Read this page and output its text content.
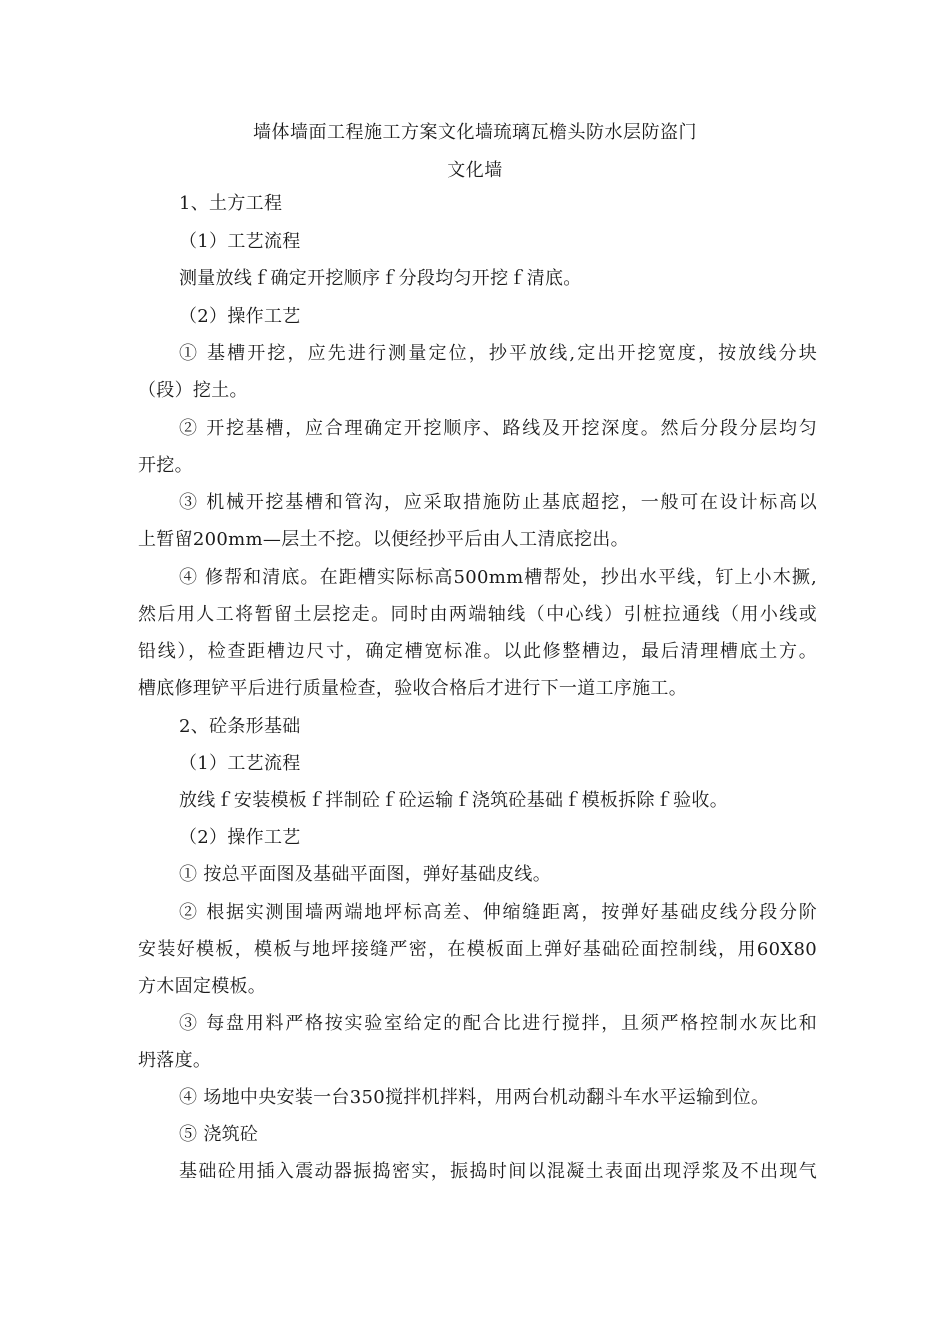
墙体墙面工程施工方案文化墙琉璃瓦檐头防水层防盗门
文化墙
1、土方工程
（1）工艺流程
测量放线ｆ确定开挖顺序ｆ分段均匀开挖ｆ清底。
（2）操作工艺
① 基槽开挖，应先进行测量定位，抄平放线,定出开挖宽度，按放线分块
（段）挖土。
② 开挖基槽，应合理确定开挖顺序、路线及开挖深度。然后分段分层均匀
开挖。
③ 机械开挖基槽和管沟，应采取措施防止基底超挖，一般可在设计标高以
上暂留200mm—层土不挖。以便经抄平后由人工清底挖出。
④ 修帮和清底。在距槽实际标高500mm槽帮处，抄出水平线，钉上小木撅,
然后用人工将暂留土层挖走。同时由两端轴线（中心线）引桩拉通线（用小线或
铅线），检查距槽边尺寸，确定槽宽标准。以此修整槽边，最后清理槽底土方。
槽底修理铲平后进行质量检查，验收合格后才进行下一道工序施工。
2、砼条形基础
（1）工艺流程
放线ｆ安装模板ｆ拌制砼ｆ砼运输ｆ浇筑砼基础ｆ模板拆除ｆ验收。
（2）操作工艺
① 按总平面图及基础平面图，弹好基础皮线。
② 根据实测围墙两端地坪标高差、伸缩缝距离，按弹好基础皮线分段分阶
安装好模板，模板与地坪接缝严密，在模板面上弹好基础砼面控制线，用60X80
方木固定模板。
③ 每盘用料严格按实验室给定的配合比进行搅拌，且须严格控制水灰比和
坍落度。
④ 场地中央安装一台350搅拌机拌料，用两台机动翻斗车水平运输到位。
⑤ 浇筑砼
基础砼用插入震动器振捣密实，振捣时间以混凝土表面出现浮浆及不出现气
